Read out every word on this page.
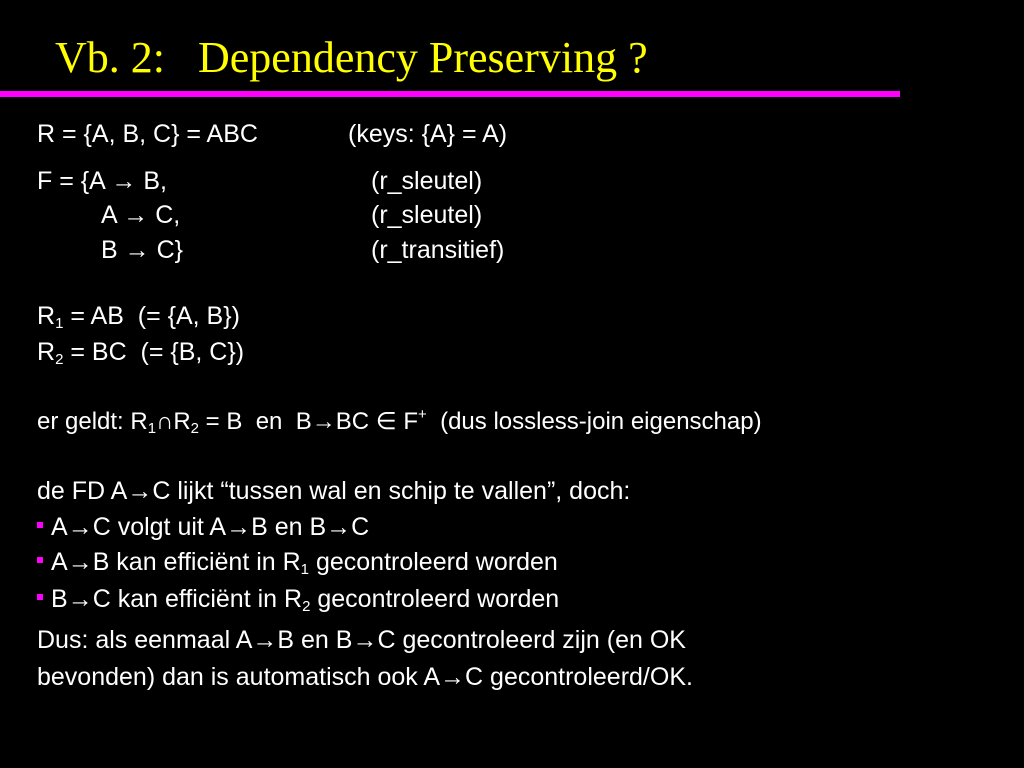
Vb. 2:   Dependency Preserving ?
R = {A, B, C} = ABC	(keys: {A} = A)
F = {A → B,	(r_sleutel)
A → C,	(r_sleutel)
B → C}	(r_transitief)
$R_1$ = AB  (= {A, B})
$R_2$ = BC  (= {B, C})
er geldt: $R_1\cap R_2 = B$  en  B→BC ∈ F+  (dus lossless-join eigenschap)
de FD A→C lijkt “tussen wal en schip te vallen”, doch:
A→C volgt uit A→B en B→C
A→B kan efficiënt in $R_1$ gecontroleerd worden
B→C kan efficiënt in $R_2$ gecontroleerd worden
Dus: als eenmaal A→B en B→C gecontroleerd zijn (en OK
bevonden) dan is automatisch ook A→C gecontroleerd/OK.
